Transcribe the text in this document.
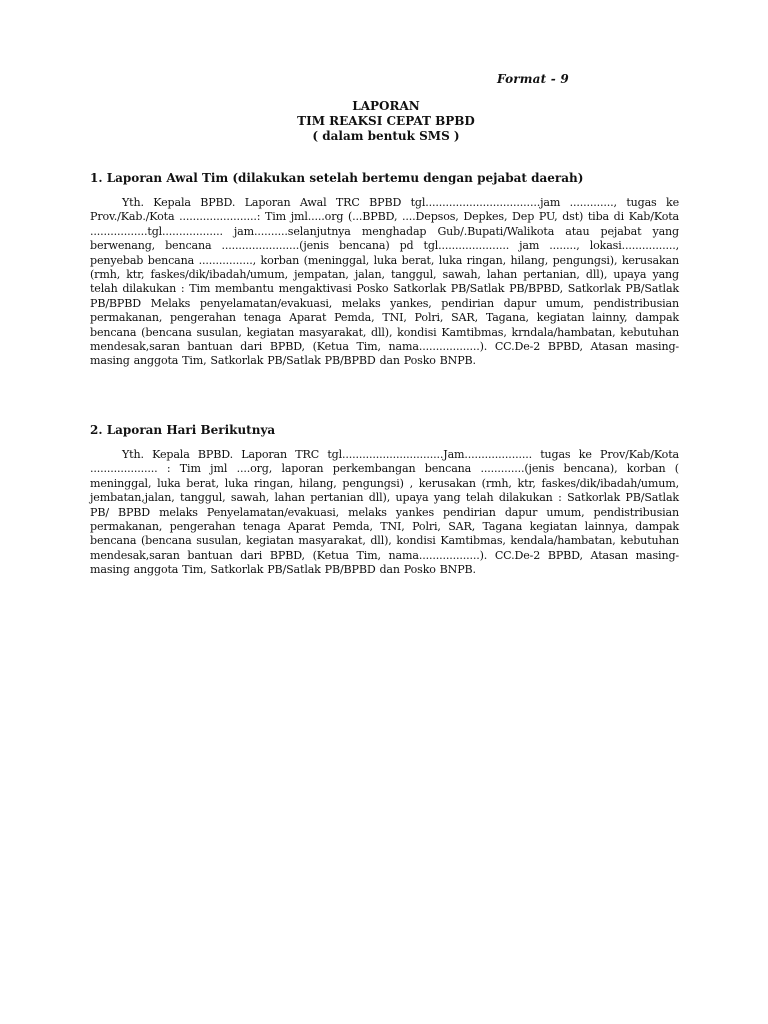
Format - 9
LAPORAN
TIM REAKSI CEPAT BPBD
( dalam bentuk SMS )
1. Laporan Awal Tim (dilakukan setelah bertemu dengan pejabat daerah)
Yth. Kepala BPBD. Laporan Awal TRC BPBD tgl..................................jam ............., tugas ke Prov./Kab./Kota .......................: Tim jml.....org (...BPBD, ....Depsos, Depkes, Dep PU, dst) tiba di Kab/Kota .................tgl.................. jam..........selanjutnya menghadap Gub/.Bupati/Walikota atau pejabat yang berwenang, bencana .......................(jenis bencana) pd tgl..................... jam ........, lokasi................, penyebab bencana ................, korban (meninggal, luka berat, luka ringan, hilang, pengungsi), kerusakan (rmh, ktr, faskes/dik/ibadah/umum, jempatan, jalan, tanggul, sawah, lahan pertanian, dll), upaya yang telah dilakukan : Tim membantu mengaktivasi Posko Satkorlak PB/Satlak PB/BPBD, Satkorlak PB/Satlak PB/BPBD Melaks penyelamatan/evakuasi, melaks yankes, pendirian dapur umum, pendistribusian permakanan, pengerahan tenaga Aparat Pemda, TNI, Polri, SAR, Tagana, kegiatan lainny, dampak bencana (bencana susulan, kegiatan masyarakat, dll), kondisi Kamtibmas, krndala/hambatan, kebutuhan mendesak,saran bantuan dari BPBD, (Ketua Tim, nama..................). CC.De-2 BPBD, Atasan masing-masing anggota Tim, Satkorlak PB/Satlak PB/BPBD dan Posko BNPB.
2. Laporan Hari Berikutnya
Yth. Kepala BPBD. Laporan TRC tgl..............................Jam.................... tugas ke Prov/Kab/Kota .................... : Tim jml ....org, laporan perkembangan bencana .............(jenis bencana), korban ( meninggal, luka berat, luka ringan, hilang, pengungsi) , kerusakan (rmh, ktr, faskes/dik/ibadah/umum, jembatan,jalan, tanggul, sawah, lahan pertanian dll), upaya yang telah dilakukan : Satkorlak PB/Satlak PB/ BPBD melaks Penyelamatan/evakuasi, melaks yankes pendirian dapur umum, pendistribusian permakanan, pengerahan tenaga Aparat Pemda, TNI, Polri, SAR, Tagana kegiatan lainnya, dampak bencana (bencana susulan, kegiatan masyarakat, dll), kondisi Kamtibmas, kendala/hambatan, kebutuhan mendesak,saran bantuan dari BPBD, (Ketua Tim, nama..................). CC.De-2 BPBD, Atasan masing-masing anggota Tim, Satkorlak PB/Satlak PB/BPBD dan Posko BNPB.
